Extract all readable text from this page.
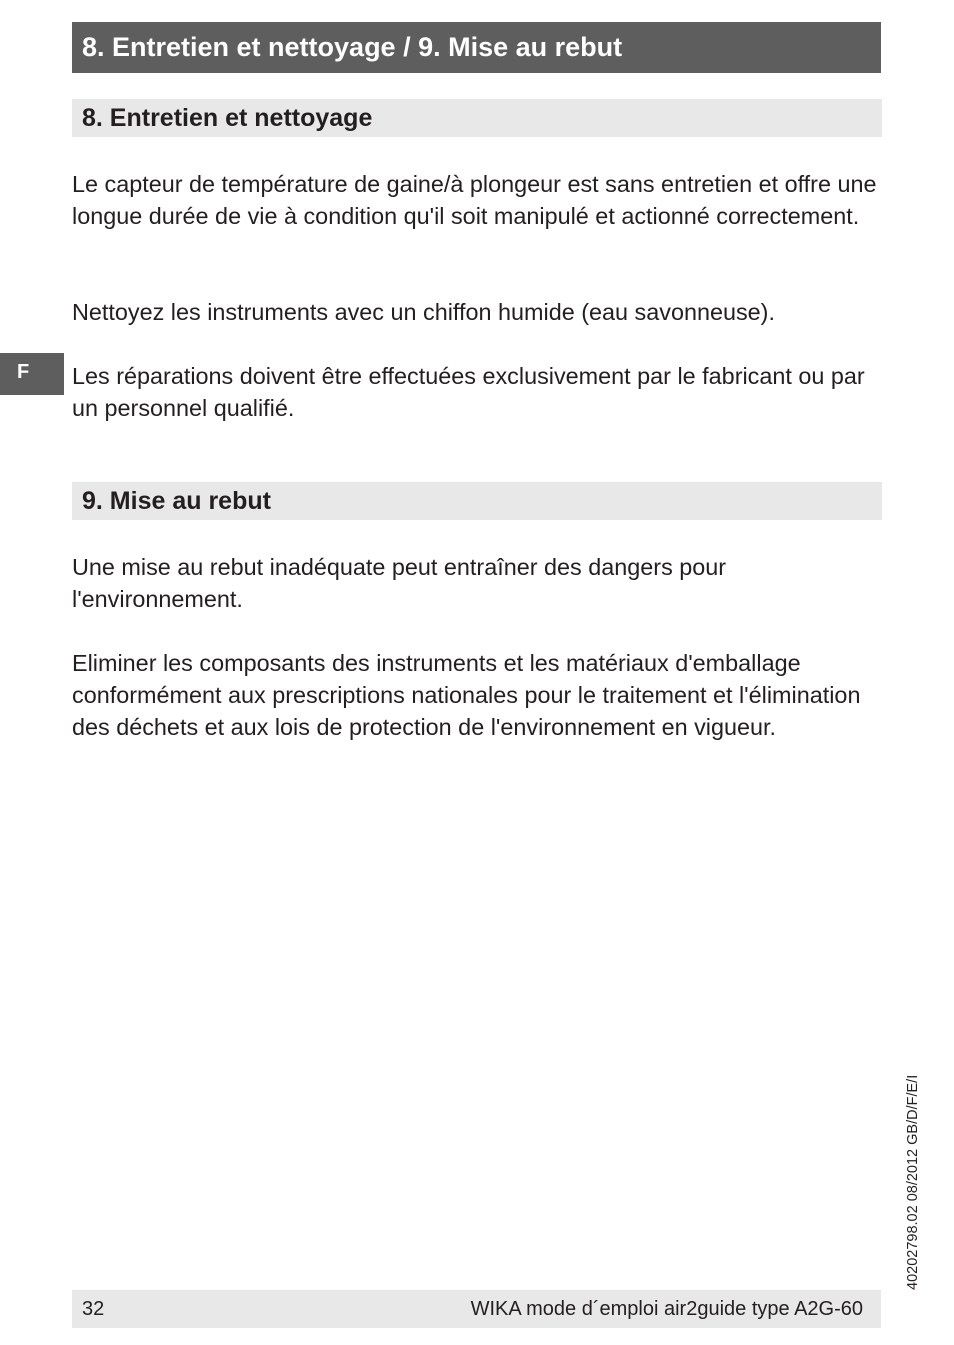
8. Entretien et nettoyage / 9. Mise au rebut
8. Entretien et nettoyage

Le capteur de température de gaine/à plongeur est sans entretien et offre une longue durée de vie à condition qu'il soit manipulé et actionné correctement.

Nettoyez les instruments avec un chiffon humide (eau savonneuse).

F	Les réparations doivent être effectuées exclusivement par le fabricant ou par un personnel qualifié.

9. Mise au rebut

Une mise au rebut inadéquate peut entraîner des dangers pour l'environnement.

Eliminer les composants des instruments et les matériaux d'emballage conformément aux prescriptions nationales pour le traitement et l'élimination des déchets et aux lois de protection de l'environnement en vigueur.

40202798.02 08/2012 GB/D/F/E/I
32	WIKA mode d´emploi air2guide type A2G-60
